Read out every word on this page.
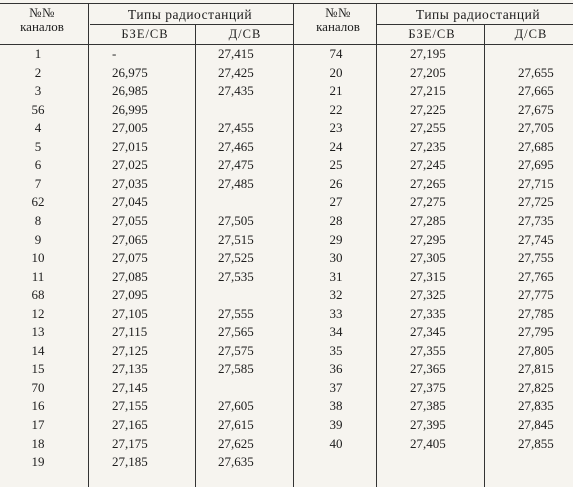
№№
каналов
Типы радиостанций
БЗЕ/СВ	Д/СВ
№№
каналов
Типы радиостанций
БЗЕ/СВ	Д/СВ
1	-	27,415
2	26,975	27,425
3	26,985	27,435
56	26,995
4	27,005	27,455
5	27,015	27,465
6	27,025	27,475
7	27,035	27,485
62	27,045
8	27,055	27,505
9	27,065	27,515
10	27,075	27,525
11	27,085	27,535
68	27,095
12	27,105	27,555
13	27,115	27,565
14	27,125	27,575
15	27,135	27,585
70	27,145
16	27,155	27,605
17	27,165	27,615
18	27,175	27,625
19	27,185	27,635
74	27,195
20	27,205	27,655
21	27,215	27,665
22	27,225	27,675
23	27,255	27,705
24	27,235	27,685
25	27,245	27,695
26	27,265	27,715
27	27,275	27,725
28	27,285	27,735
29	27,295	27,745
30	27,305	27,755
31	27,315	27,765
32	27,325	27,775
33	27,335	27,785
34	27,345	27,795
35	27,355	27,805
36	27,365	27,815
37	27,375	27,825
38	27,385	27,835
39	27,395	27,845
40	27,405	27,855
